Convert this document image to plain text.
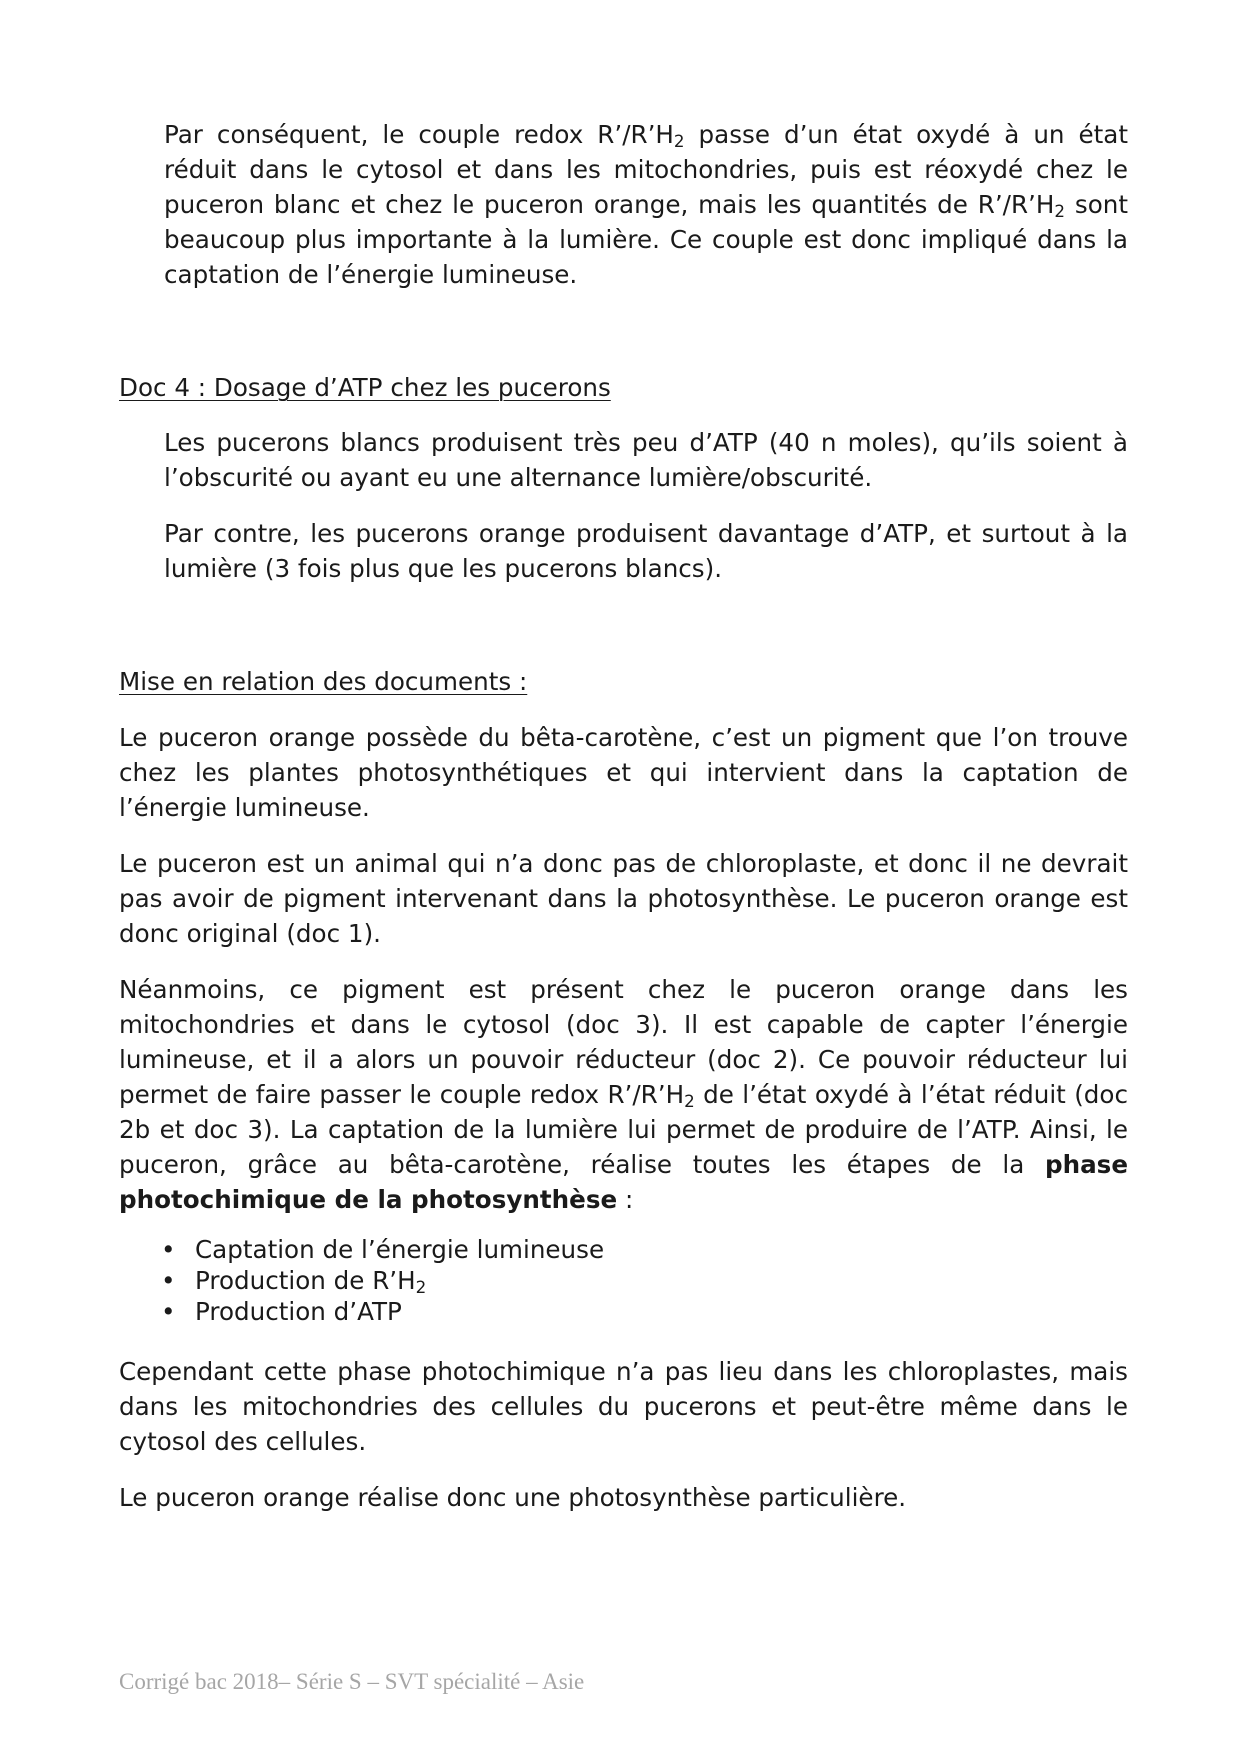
Par conséquent, le couple redox $R’/R’H_2$ passe d’un état oxydé à un état réduit dans le cytosol et dans les mitochondries, puis est réoxydé chez le puceron blanc et chez le puceron orange, mais les quantités de $R’/R’H_2$ sont beaucoup plus importante à la lumière. Ce couple est donc impliqué dans la captation de l’énergie lumineuse.

Doc 4 : Dosage d’ATP chez les pucerons

Les pucerons blancs produisent très peu d’ATP (40 n moles), qu’ils soient à l’obscurité ou ayant eu une alternance lumière/obscurité.

Par contre, les pucerons orange produisent davantage d’ATP, et surtout à la lumière (3 fois plus que les pucerons blancs).

Mise en relation des documents :

Le puceron orange possède du bêta-carotène, c’est un pigment que l’on trouve chez les plantes photosynthétiques et qui intervient dans la captation de l’énergie lumineuse.

Le puceron est un animal qui n’a donc pas de chloroplaste, et donc il ne devrait pas avoir de pigment intervenant dans la photosynthèse. Le puceron orange est donc original (doc 1).

Néanmoins, ce pigment est présent chez le puceron orange dans les mitochondries et dans le cytosol (doc 3). Il est capable de capter l’énergie lumineuse, et il a alors un pouvoir réducteur (doc 2). Ce pouvoir réducteur lui permet de faire passer le couple redox $R’/R’H_2$ de l’état oxydé à l’état réduit (doc 2b et doc 3). La captation de la lumière lui permet de produire de l’ATP. Ainsi, le puceron, grâce au bêta-carotène, réalise toutes les étapes de la phase photochimique de la photosynthèse :

• Captation de l’énergie lumineuse
• Production de $R’H_2$
• Production d’ATP

Cependant cette phase photochimique n’a pas lieu dans les chloroplastes, mais dans les mitochondries des cellules du pucerons et peut-être même dans le cytosol des cellules.

Le puceron orange réalise donc une photosynthèse particulière.

Corrigé bac 2018– Série S – SVT spécialité – Asie
